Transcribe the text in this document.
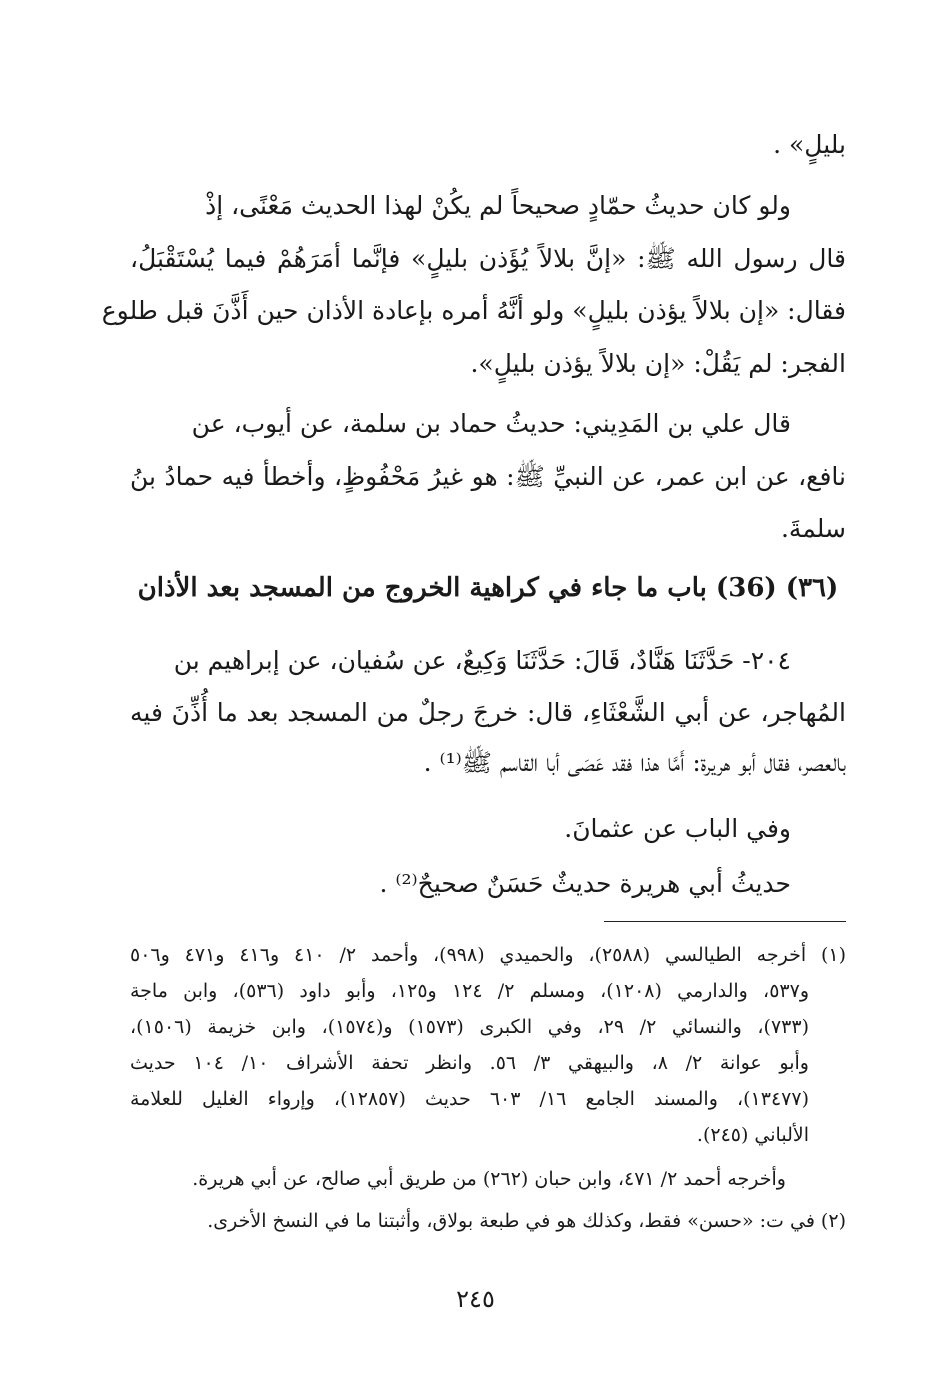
بليلٍ» .
ولو كان حديثُ حمّادٍ صحيحاً لم يكُنْ لهذا الحديث مَعْنًى، إذْ
قال رسول الله ﷺ: «إنَّ بلالاً يُؤَذن بليلٍ» فإنَّما أمَرَهُمْ فيما يُسْتَقْبَلُ،
فقال: «إن بلالاً يؤذن بليلٍ» ولو أنَّهُ أمره بإعادة الأذان حين أَذَّنَ قبل طلوع
الفجر: لم يَقُلْ: «إن بلالاً يؤذن بليلٍ».
قال علي بن المَدِيني: حديثُ حماد بن سلمة، عن أيوب، عن
نافع، عن ابن عمر، عن النبيِّ ﷺ: هو غيرُ مَحْفُوظٍ، وأخطأ فيه حمادُ بنُ
سلمةَ.
(٣٦) (36) باب ما جاء في كراهية الخروج من المسجد بعد الأذان
٢٠٤- حَدَّثَنَا هَنَّادٌ، قَالَ: حَدَّثَنَا وَكِيعٌ، عن سُفيان، عن إبراهيم بن
المُهاجر، عن أبي الشَّعْثَاءِ، قال: خرجَ رجلٌ من المسجد بعد ما أُذِّنَ فيه
بالعصر، فقال أبو هريرة: أَمَّا هذا فقد عَصَى أبا القاسم ﷺ⁽¹⁾ .
وفي الباب عن عثمانَ.
حديثُ أبي هريرة حديثٌ حَسَنٌ صحيحٌ⁽²⁾ .
(١) أخرجه الطيالسي (٢٥٨٨)، والحميدي (٩٩٨)، وأحمد ٢/ ٤١٠ و٤١٦ و٤٧١ و٥٠٦
و٥٣٧، والدارمي (١٢٠٨)، ومسلم ٢/ ١٢٤ و١٢٥، وأبو داود (٥٣٦)، وابن ماجة
(٧٣٣)، والنسائي ٢/ ٢٩، وفي الكبرى (١٥٧٣) و(١٥٧٤)، وابن خزيمة (١٥٠٦)،
وأبو عوانة ٢/ ٨، والبيهقي ٣/ ٥٦. وانظر تحفة الأشراف ١٠/ ١٠٤ حديث
(١٣٤٧٧)، والمسند الجامع ١٦/ ٦٠٣ حديث (١٢٨٥٧)، وإرواء الغليل للعلامة
الألباني (٢٤٥).
وأخرجه أحمد ٢/ ٤٧١، وابن حبان (٢٦٢) من طريق أبي صالح، عن أبي هريرة.
(٢) في ت: «حسن» فقط، وكذلك هو في طبعة بولاق، وأثبتنا ما في النسخ الأخرى.
٢٤٥
